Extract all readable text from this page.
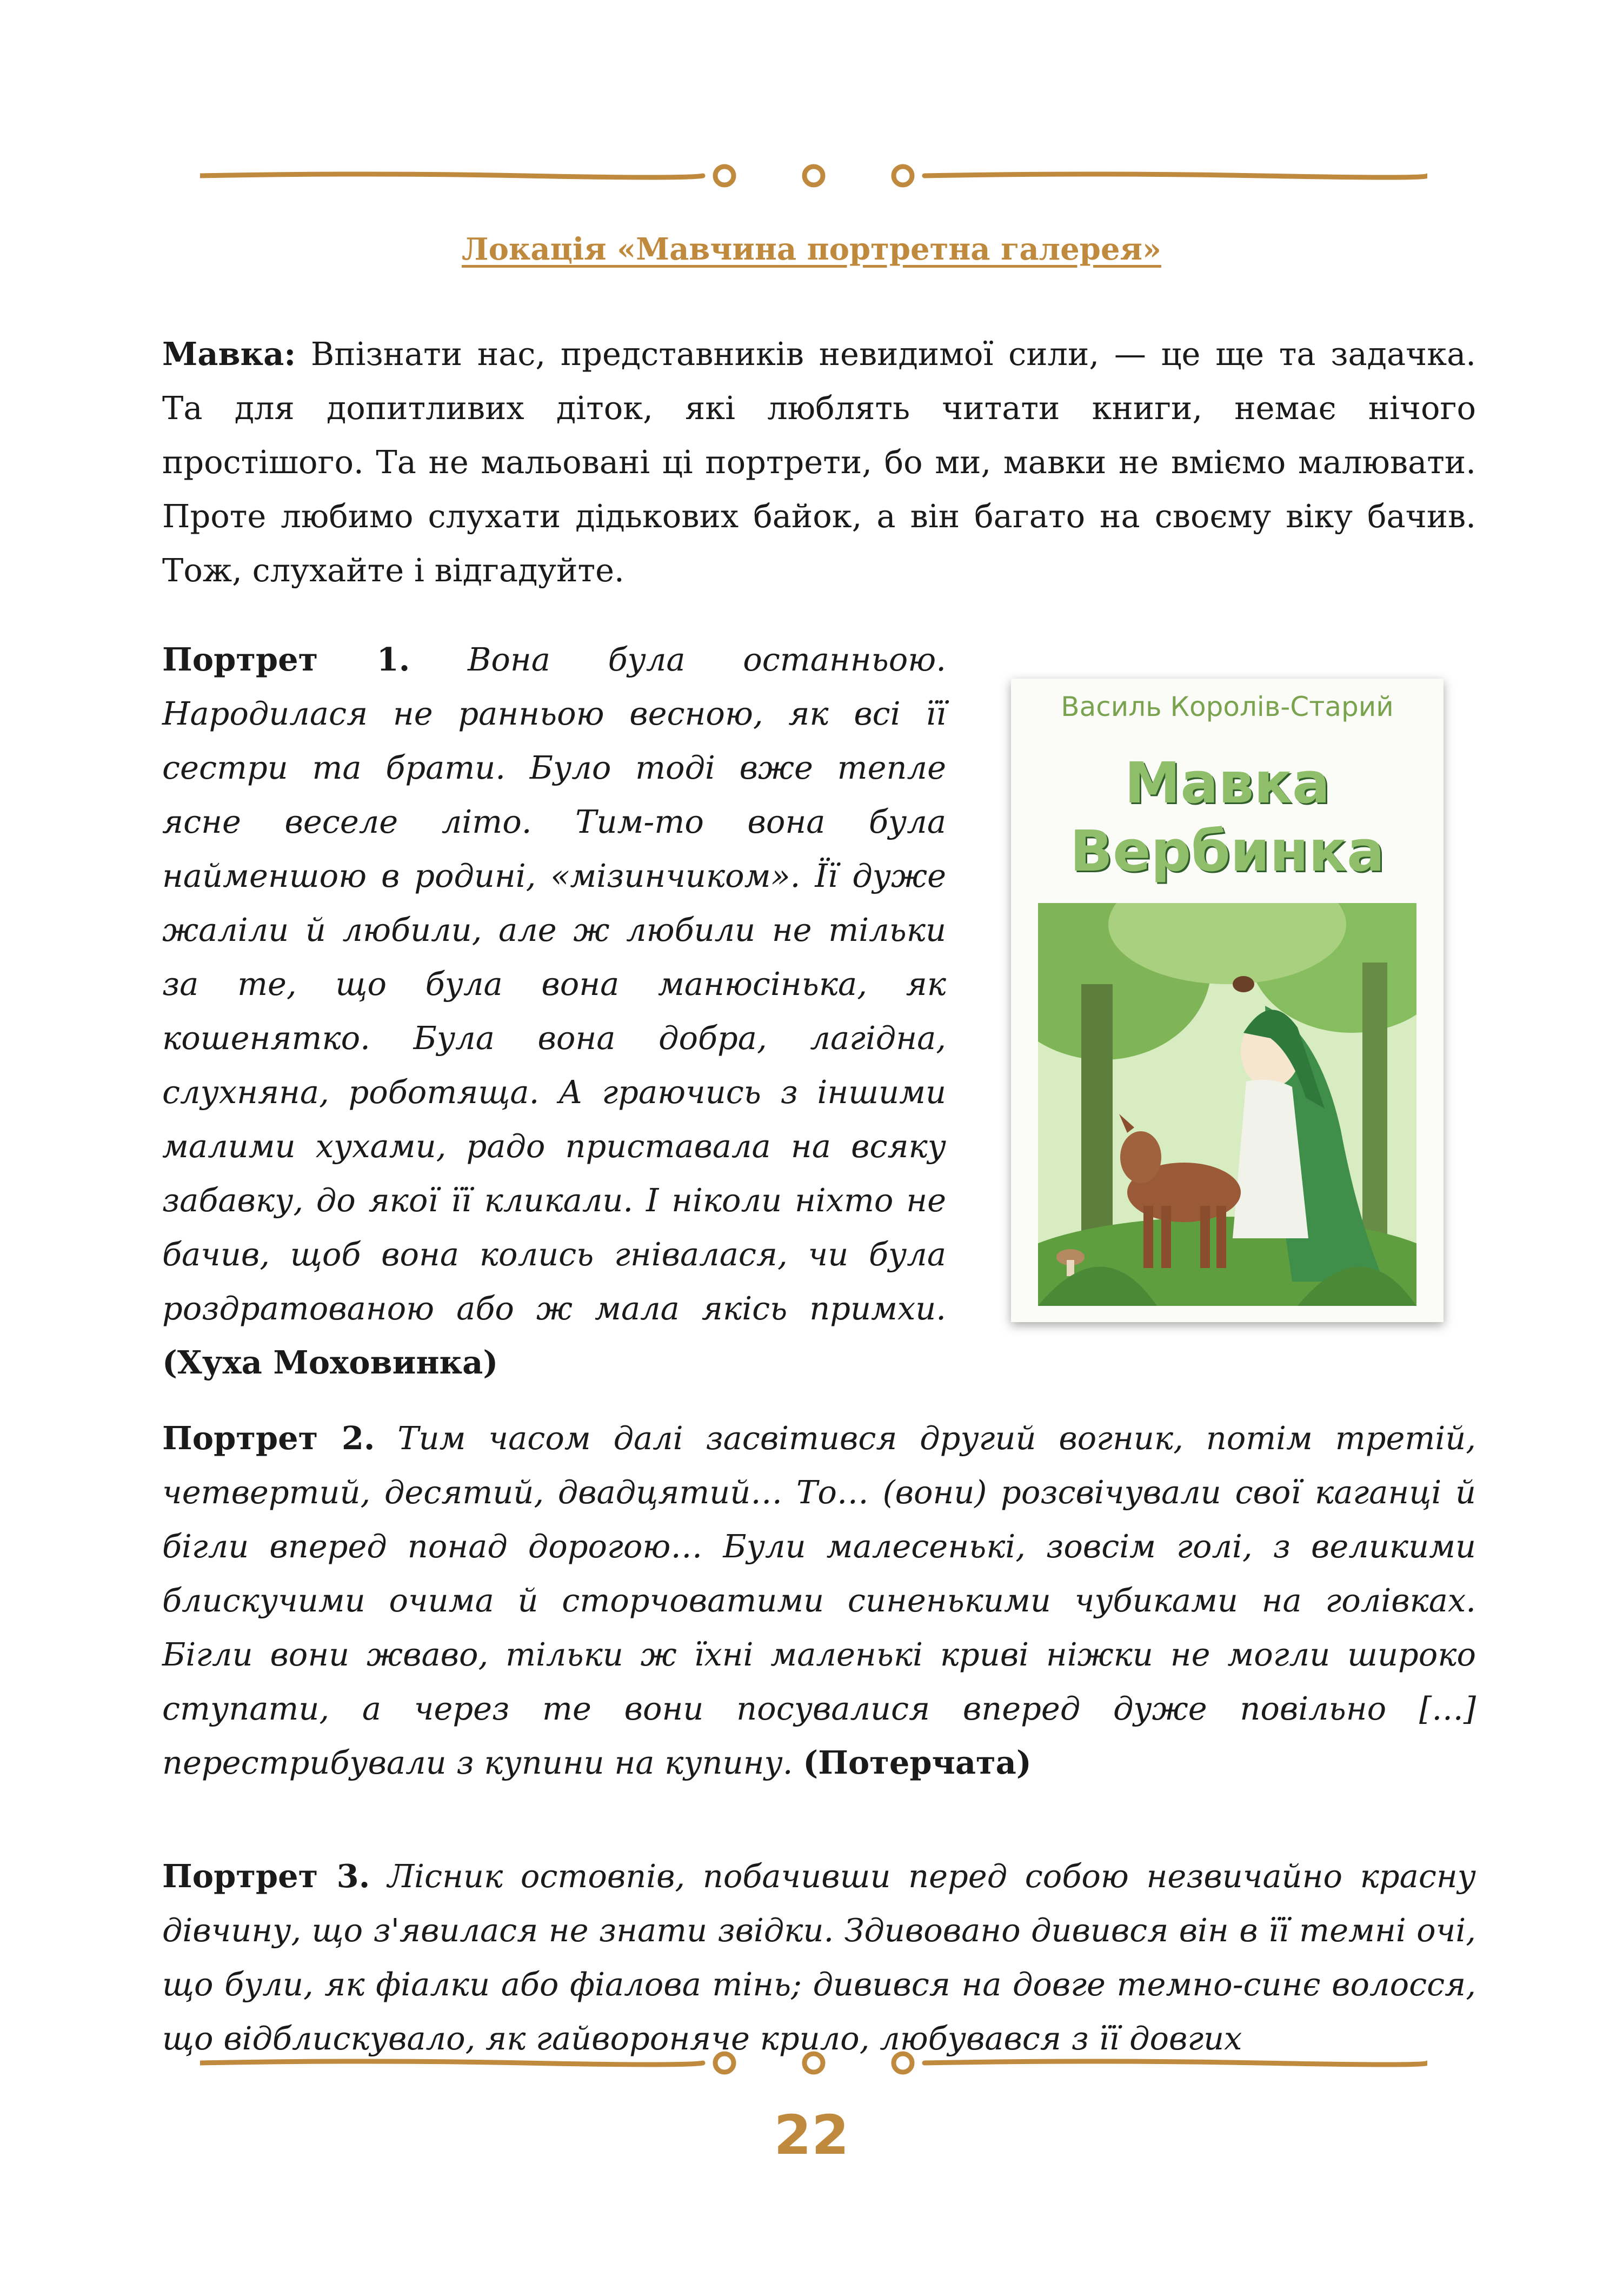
Локація «Мавчина портретна галерея»
Мавка: Впізнати нас, представників невидимої сили, — це ще та задачка. Та для допитливих діток, які люблять читати книги, немає нічого простішого. Та не мальовані ці портрети, бо ми, мавки не вміємо малювати. Проте любимо слухати дідькових байок, а він багато на своєму віку бачив. Тож, слухайте і відгадуйте.
Портрет 1. Вона була останньою. Народилася не ранньою весною, як всі її сестри та брати. Було тоді вже тепле ясне веселе літо. Тим-то вона була найменшою в родині, «мізинчиком». Її дуже жаліли й любили, але ж любили не тільки за те, що була вона манюсінька, як кошенятко. Була вона добра, лагідна, слухняна, роботяща. А граючись з іншими малими хухами, радо приставала на всяку забавку, до якої її кликали. І ніколи ніхто не бачив, щоб вона колись гнівалася, чи була роздратованою або ж мала якісь примхи. (Хуха Моховинка)
Василь Королів-Старий
Мавка Вербинка
Портрет 2. Тим часом далі засвітився другий вогник, потім третій, четвертий, десятий, двадцятий… То… (вони) розсвічували свої каганці й бігли вперед понад дорогою… Були малесенькі, зовсім голі, з великими блискучими очима й сторчоватими синенькими чубиками на голівках. Бігли вони жваво, тільки ж їхні маленькі криві ніжки не могли широко ступати, а через те вони посувалися вперед дуже повільно […] перестрибували з купини на купину. (Потерчата)
Портрет 3. Лісник остовпів, побачивши перед собою незвичайно красну дівчину, що з'явилася не знати звідки. Здивовано дивився він в її темні очі, що були, як фіалки або фіалова тінь; дивився на довге темно-синє волосся, що відблискувало, як гайвороняче крило, любувався з її довгих
22
